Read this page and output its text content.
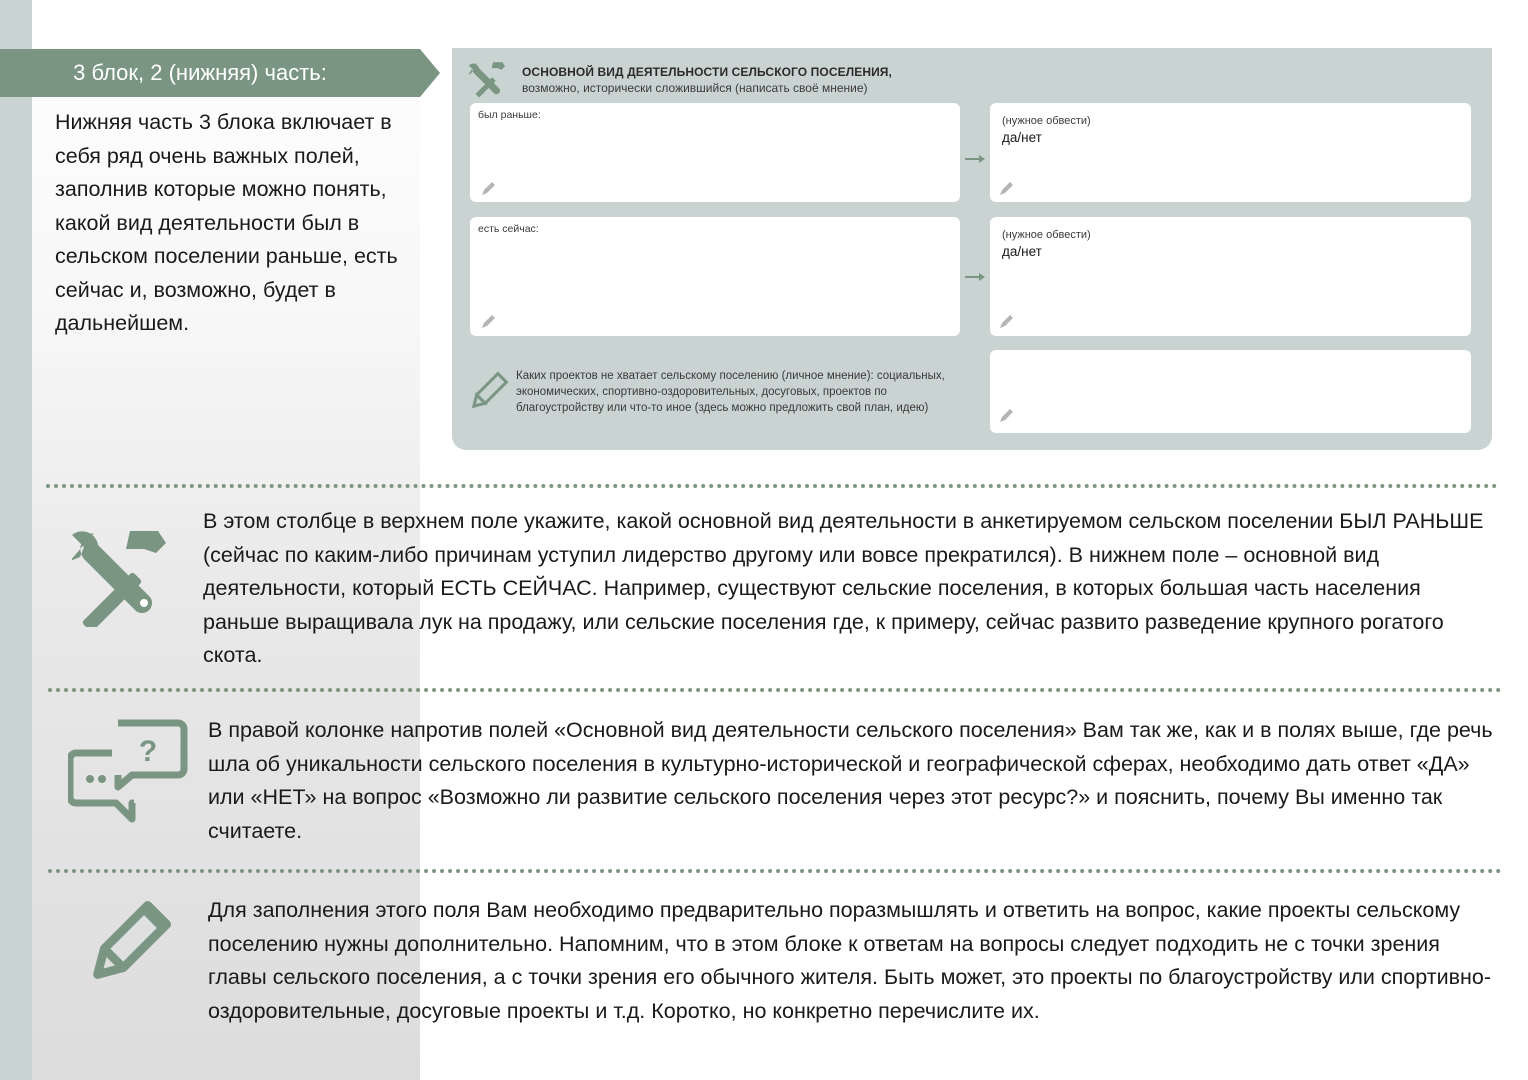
3 блок, 2 (нижняя) часть:
Нижняя часть 3 блока включает в себя ряд очень важных полей, заполнив которые можно понять, какой вид деятельности был в сельском поселении раньше, есть сейчас и, возможно, будет в дальнейшем.
ОСНОВНОЙ ВИД ДЕЯТЕЛЬНОСТИ СЕЛЬСКОГО ПОСЕЛЕНИЯ,
возможно, исторически сложившийся (написать своё мнение)
был раньше:	(нужное обвести)
да/нет
есть сейчас:	(нужное обвести)
да/нет
Каких проектов не хватает сельскому поселению (личное мнение): социальных, экономических, спортивно-оздоровительных, досуговых, проектов по благоустройству или что-то иное (здесь можно предложить свой план, идею)
В этом столбце в верхнем поле укажите, какой основной вид деятельности в анкетируемом сельском поселении БЫЛ РАНЬШЕ (сейчас по каким-либо причинам уступил лидерство другому или вовсе прекратился). В нижнем поле – основной вид деятельности, который ЕСТЬ СЕЙЧАС. Например, существуют сельские поселения, в которых большая часть населения раньше выращивала лук на продажу, или сельские поселения где, к примеру, сейчас развито разведение крупного рогатого скота.
?
В правой колонке напротив полей «Основной вид деятельности сельского поселения» Вам так же, как и в полях выше, где речь шла об уникальности сельского поселения в культурно-исторической и географической сферах, необходимо дать ответ «ДА» или «НЕТ» на вопрос «Возможно ли развитие сельского поселения через этот ресурс?» и пояснить, почему Вы именно так считаете.
Для заполнения этого поля Вам необходимо предварительно поразмышлять и ответить на вопрос, какие проекты сельскому поселению нужны дополнительно. Напомним, что в этом блоке к ответам на вопросы следует подходить не с точки зрения главы сельского поселения, а с точки зрения его обычного жителя. Быть может, это проекты по благоустройству или спортивно-оздоровительные, досуговые проекты и т.д. Коротко, но конкретно перечислите их.
